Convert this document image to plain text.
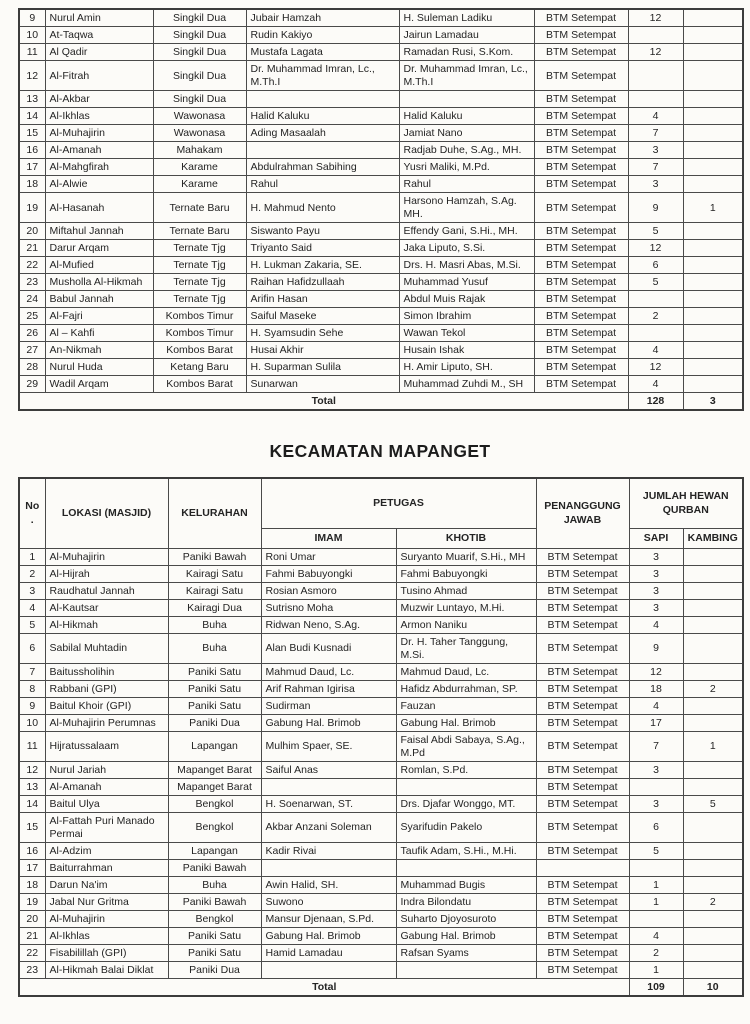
9	Nurul Amin	Singkil Dua	Jubair Hamzah	H. Suleman Ladiku	BTM Setempat	12	
10	At-Taqwa	Singkil Dua	Rudin Kakiyo	Jairun Lamadau	BTM Setempat		
11	Al Qadir	Singkil Dua	Mustafa Lagata	Ramadan Rusi, S.Kom.	BTM Setempat	12	
12	Al-Fitrah	Singkil Dua	Dr. Muhammad Imran, Lc., M.Th.I	Dr. Muhammad Imran, Lc., M.Th.I	BTM Setempat		
13	Al-Akbar	Singkil Dua			BTM Setempat		
14	Al-Ikhlas	Wawonasa	Halid Kaluku	Halid Kaluku	BTM Setempat	4	
15	Al-Muhajirin	Wawonasa	Ading Masaalah	Jamiat Nano	BTM Setempat	7	
16	Al-Amanah	Mahakam		Radjab Duhe, S.Ag., MH.	BTM Setempat	3	
17	Al-Mahgfirah	Karame	Abdulrahman Sabihing	Yusri Maliki, M.Pd.	BTM Setempat	7	
18	Al-Alwie	Karame	Rahul	Rahul	BTM Setempat	3	
19	Al-Hasanah	Ternate Baru	H. Mahmud Nento	Harsono Hamzah, S.Ag. MH.	BTM Setempat	9	1
20	Miftahul Jannah	Ternate Baru	Siswanto Payu	Effendy Gani, S.Hi., MH.	BTM Setempat	5	
21	Darur Arqam	Ternate Tjg	Triyanto Said	Jaka Liputo, S.Si.	BTM Setempat	12	
22	Al-Mufied	Ternate Tjg	H. Lukman Zakaria, SE.	Drs. H. Masri Abas, M.Si.	BTM Setempat	6	
23	Musholla Al-Hikmah	Ternate Tjg	Raihan Hafidzullaah	Muhammad Yusuf	BTM Setempat	5	
24	Babul Jannah	Ternate Tjg	Arifin Hasan	Abdul Muis Rajak	BTM Setempat		
25	Al-Fajri	Kombos Timur	Saiful Maseke	Simon Ibrahim	BTM Setempat	2	
26	Al – Kahfi	Kombos Timur	H. Syamsudin Sehe	Wawan Tekol	BTM Setempat		
27	An-Nikmah	Kombos Barat	Husai Akhir	Husain Ishak	BTM Setempat	4	
28	Nurul Huda	Ketang Baru	H. Suparman Sulila	H. Amir Liputo, SH.	BTM Setempat	12	
29	Wadil Arqam	Kombos Barat	Sunarwan	Muhammad Zuhdi M., SH	BTM Setempat	4	
Total						128	3
KECAMATAN MAPANGET
No.	LOKASI (MASJID)	KELURAHAN	PETUGAS		PENANGGUNG JAWAB	JUMLAH HEWAN QURBAN	
			IMAM	KHOTIB		SAPI	KAMBING
1	Al-Muhajirin	Paniki Bawah	Roni Umar	Suryanto Muarif, S.Hi., MH	BTM Setempat	3	
2	Al-Hijrah	Kairagi Satu	Fahmi Babuyongki	Fahmi Babuyongki	BTM Setempat	3	
3	Raudhatul Jannah	Kairagi Satu	Rosian Asmoro	Tusino Ahmad	BTM Setempat	3	
4	Al-Kautsar	Kairagi Dua	Sutrisno Moha	Muzwir Luntayo, M.Hi.	BTM Setempat	3	
5	Al-Hikmah	Buha	Ridwan Neno, S.Ag.	Armon Naniku	BTM Setempat	4	
6	Sabilal Muhtadin	Buha	Alan Budi Kusnadi	Dr. H. Taher Tanggung, M.Si.	BTM Setempat	9	
7	Baitussholihin	Paniki Satu	Mahmud Daud, Lc.	Mahmud Daud, Lc.	BTM Setempat	12	
8	Rabbani (GPI)	Paniki Satu	Arif Rahman Igirisa	Hafidz Abdurrahman, SP.	BTM Setempat	18	2
9	Baitul Khoir (GPI)	Paniki Satu	Sudirman	Fauzan	BTM Setempat	4	
10	Al-Muhajirin Perumnas	Paniki Dua	Gabung Hal. Brimob	Gabung Hal. Brimob	BTM Setempat	17	
11	Hijratussalaam	Lapangan	Mulhim Spaer, SE.	Faisal Abdi Sabaya, S.Ag., M.Pd	BTM Setempat	7	1
12	Nurul Jariah	Mapanget Barat	Saiful Anas	Romlan, S.Pd.	BTM Setempat	3	
13	Al-Amanah	Mapanget Barat			BTM Setempat		
14	Baitul Ulya	Bengkol	H. Soenarwan, ST.	Drs. Djafar Wonggo, MT.	BTM Setempat	3	5
15	Al-Fattah Puri Manado Permai	Bengkol	Akbar Anzani Soleman	Syarifudin Pakelo	BTM Setempat	6	
16	Al-Adzim	Lapangan	Kadir Rivai	Taufik Adam, S.Hi., M.Hi.	BTM Setempat	5	
17	Baiturrahman	Paniki Bawah					
18	Darun Na'im	Buha	Awin Halid, SH.	Muhammad Bugis	BTM Setempat	1	
19	Jabal Nur Gritma	Paniki Bawah	Suwono	Indra Bilondatu	BTM Setempat	1	2
20	Al-Muhajirin	Bengkol	Mansur Djenaan, S.Pd.	Suharto Djoyosuroto	BTM Setempat		
21	Al-Ikhlas	Paniki Satu	Gabung Hal. Brimob	Gabung Hal. Brimob	BTM Setempat	4	
22	Fisabilillah (GPI)	Paniki Satu	Hamid Lamadau	Rafsan Syams	BTM Setempat	2	
23	Al-Hikmah Balai Diklat	Paniki Dua			BTM Setempat	1	
Total						109	10
